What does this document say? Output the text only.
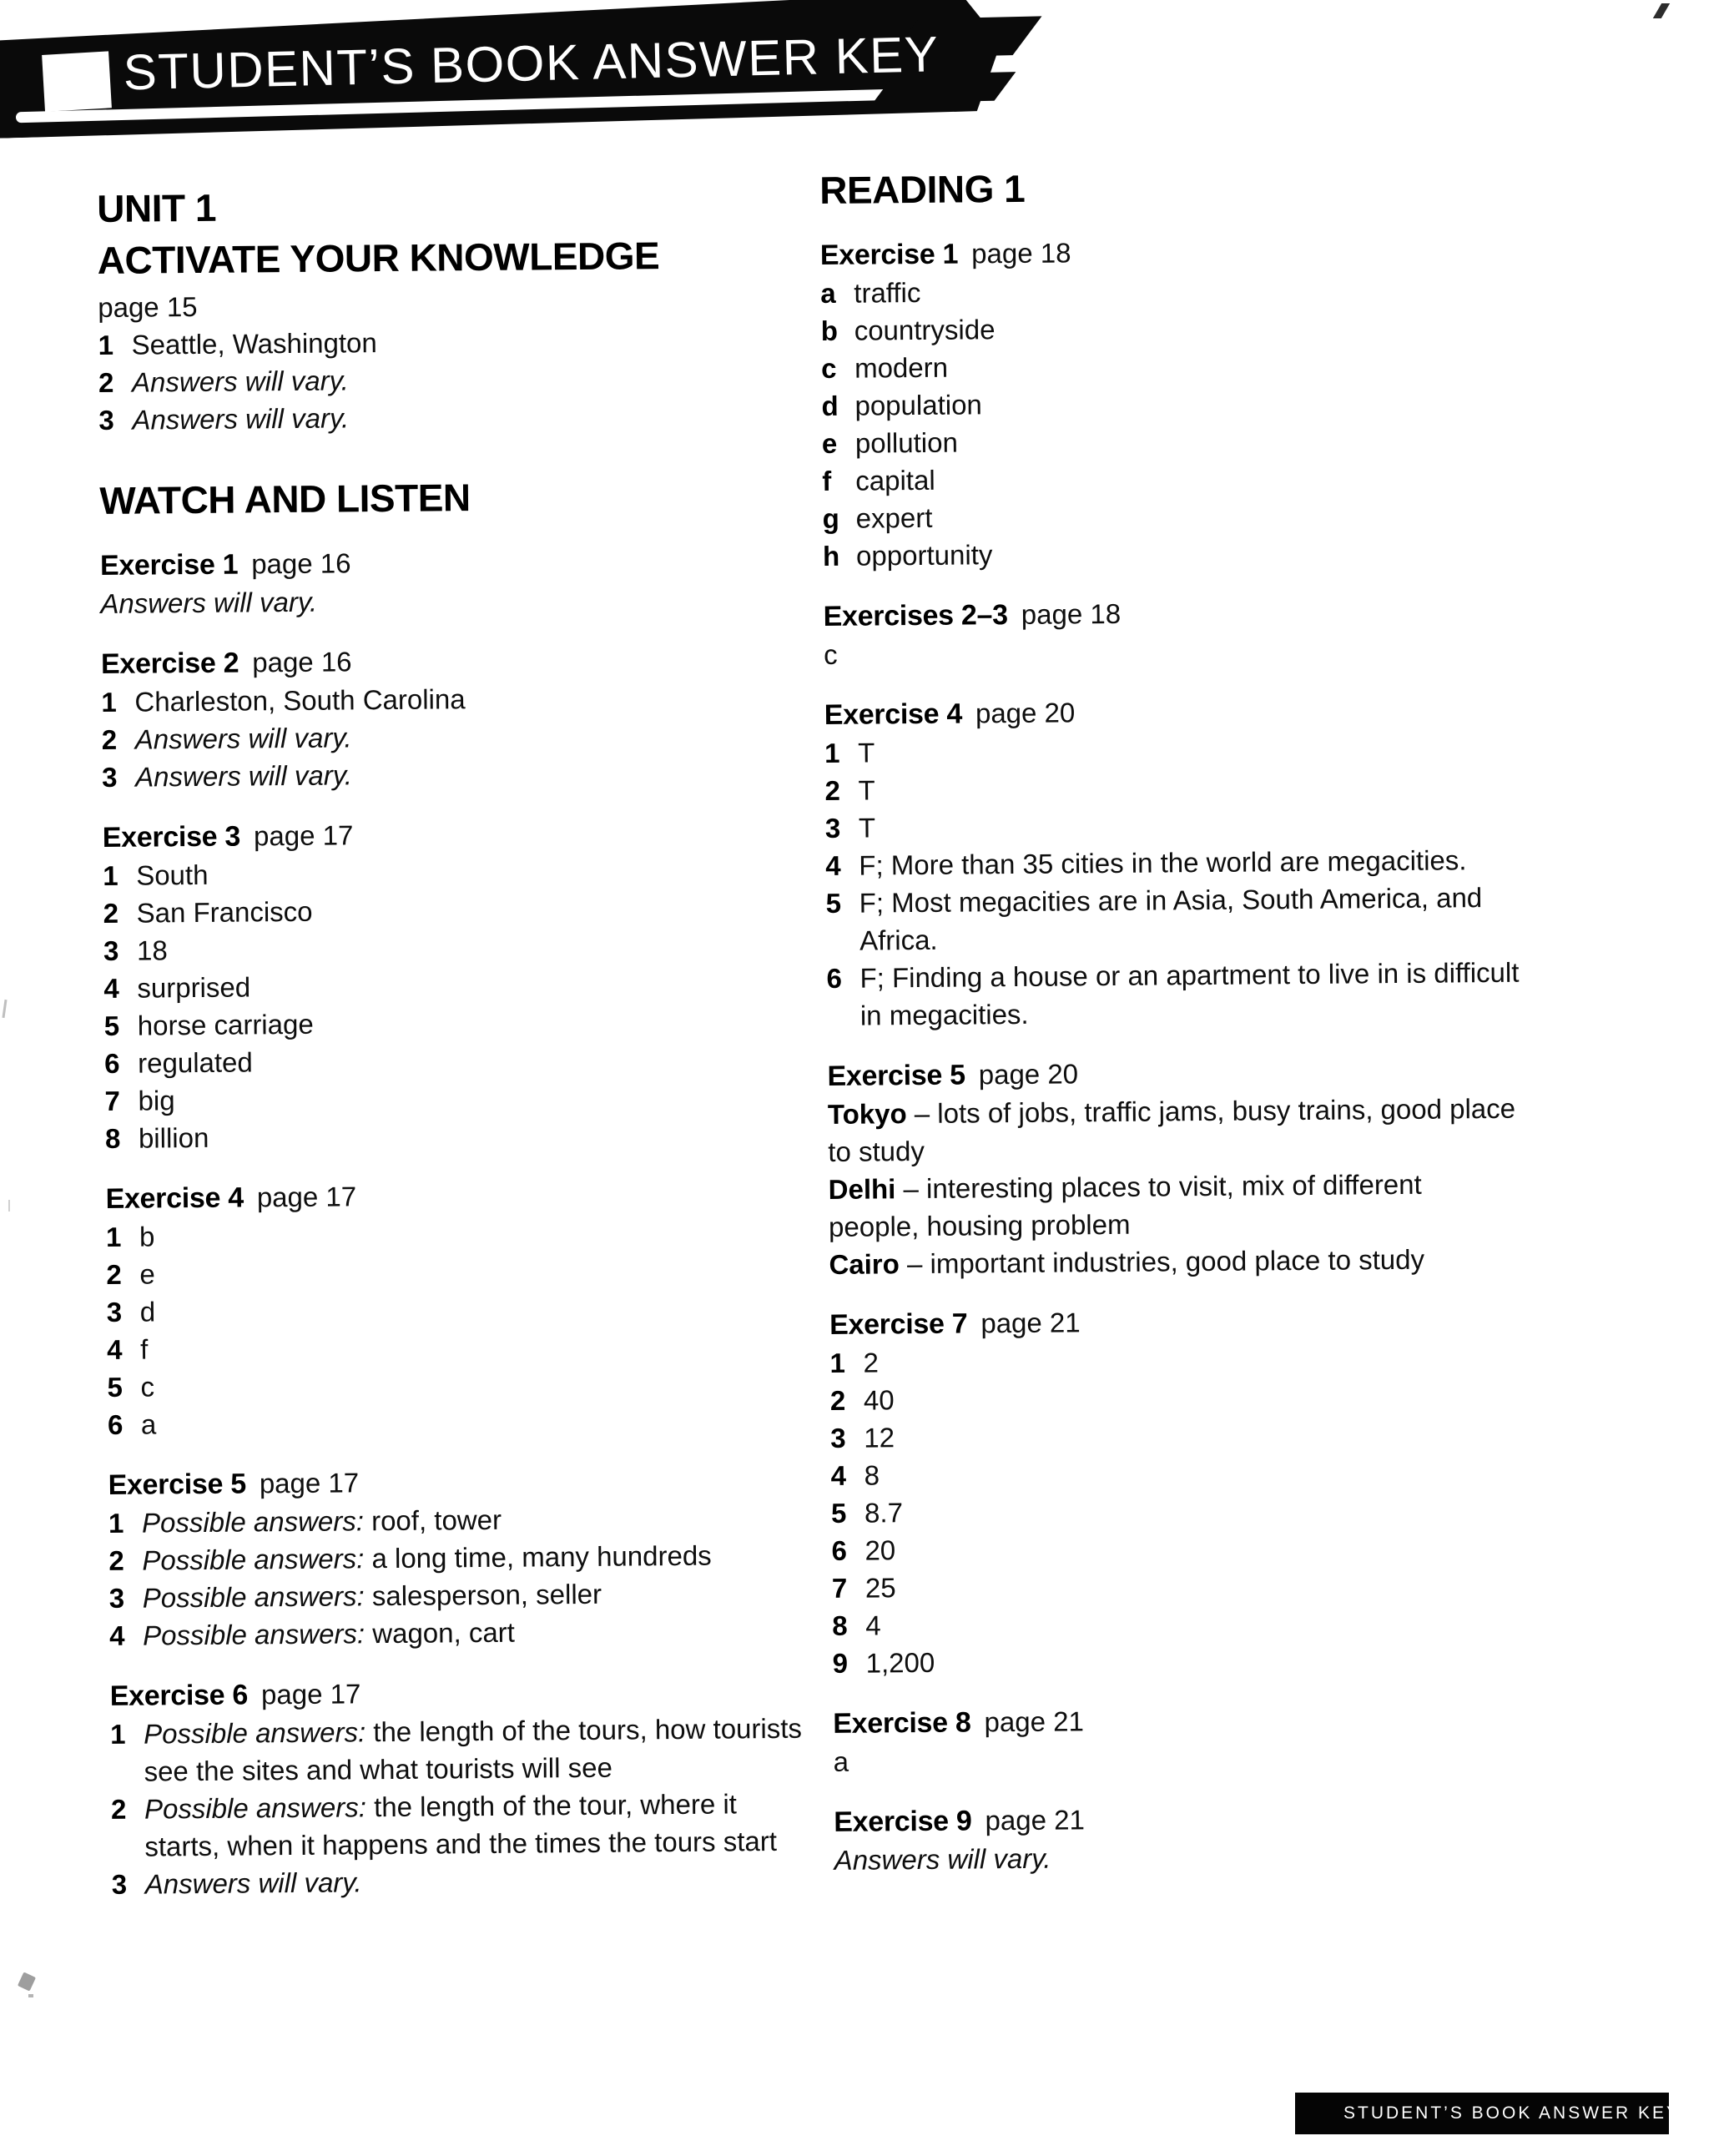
STUDENT’S BOOK ANSWER KEY
UNIT 1
ACTIVATE YOUR KNOWLEDGE
page 15
1 Seattle, Washington
2 Answers will vary.
3 Answers will vary.
WATCH AND LISTEN
Exercise 1 page 16
Answers will vary.
Exercise 2 page 16
1 Charleston, South Carolina
2 Answers will vary.
3 Answers will vary.
Exercise 3 page 17
1 South
2 San Francisco
3 18
4 surprised
5 horse carriage
6 regulated
7 big
8 billion
Exercise 4 page 17
1 b
2 e
3 d
4 f
5 c
6 a
Exercise 5 page 17
1 Possible answers: roof, tower
2 Possible answers: a long time, many hundreds
3 Possible answers: salesperson, seller
4 Possible answers: wagon, cart
Exercise 6 page 17
1 Possible answers: the length of the tours, how tourists
see the sites and what tourists will see
2 Possible answers: the length of the tour, where it
starts, when it happens and the times the tours start
3 Answers will vary.
READING 1
Exercise 1 page 18
a traffic
b countryside
c modern
d population
e pollution
f capital
g expert
h opportunity
Exercises 2–3 page 18
c
Exercise 4 page 20
1 T
2 T
3 T
4 F; More than 35 cities in the world are megacities.
5 F; Most megacities are in Asia, South America, and
Africa.
6 F; Finding a house or an apartment to live in is difficult
in megacities.
Exercise 5 page 20
Tokyo – lots of jobs, traffic jams, busy trains, good place
to study
Delhi – interesting places to visit, mix of different
people, housing problem
Cairo – important industries, good place to study
Exercise 7 page 21
1 2
2 40
3 12
4 8
5 8.7
6 20
7 25
8 4
9 1,200
Exercise 8 page 21
a
Exercise 9 page 21
Answers will vary.
STUDENT’S BOOK ANSWER KEY 17
